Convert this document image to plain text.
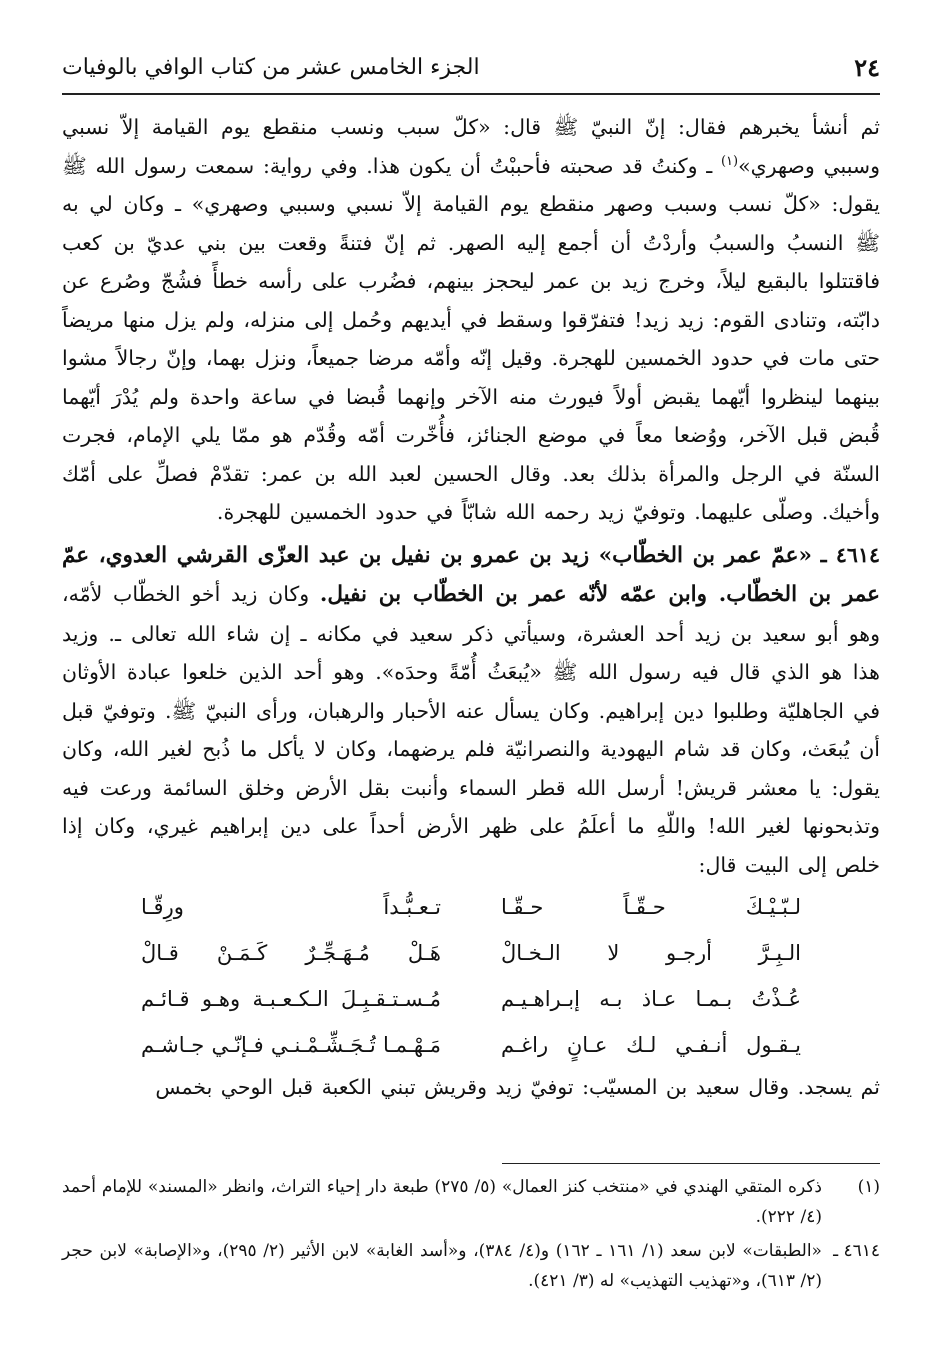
٢٤
الجزء الخامس عشر من كتاب الوافي بالوفيات

ثم أنشأ يخبرهم فقال: إنّ النبيّ ﷺ قال: «كلّ سبب ونسب منقطع يوم القيامة إلاّ نسبي وسببي وصهري»$^{(١)}$ ـ وكنتُ قد صحبته فأحببْتُ أن يكون هذا. وفي رواية: سمعت رسول الله ﷺ يقول: «كلّ نسب وسبب وصهر منقطع يوم القيامة إلاّ نسبي وسببي وصهري» ـ وكان لي به ﷺ النسبُ والسببُ وأردْتُ أن أجمع إليه الصهر. ثم إنّ فتنةً وقعت بين بني عديّ بن كعب فاقتتلوا بالبقيع ليلاً، وخرج زيد بن عمر ليحجز بينهم، فضُرب على رأسه خطأً فشُجّ وصُرع عن دابّته، وتنادى القوم: زيد زيد! فتفرّقوا وسقط في أيديهم وحُمل إلى منزله، ولم يزل منها مريضاً حتى مات في حدود الخمسين للهجرة. وقيل إنّه وأمّه مرضا جميعاً، ونزل بهما، وإنّ رجالاً مشوا بينهما لينظروا أيّهما يقبض أولاً فيورث منه الآخر وإنهما قُبضا في ساعة واحدة ولم يُدْرَ أيّهما قُبض قبل الآخر، ووُضعا معاً في موضع الجنائز، فأُخّرت أمّه وقُدّم هو ممّا يلي الإمام، فجرت السنّة في الرجل والمرأة بذلك بعد. وقال الحسين لعبد الله بن عمر: تقدّمْ فصلِّ على أمّك وأخيك. وصلّى عليهما. وتوفيّ زيد رحمه الله شابّاً في حدود الخمسين للهجرة.

٤٦١٤ ـ «عمّ عمر بن الخطّاب» زيد بن عمرو بن نفيل بن عبد العزّى القرشي العدوي، عمّ عمر بن الخطّاب. وابن عمّه لأنّه عمر بن الخطّاب بن نفيل. وكان زيد أخو الخطّاب لأمّه، وهو أبو سعيد بن زيد أحد العشرة، وسيأتي ذكر سعيد في مكانه ـ إن شاء الله تعالى ـ. وزيد هذا هو الذي قال فيه رسول الله ﷺ «يُبعَثُ أُمّةً وحدَه». وهو أحد الذين خلعوا عبادة الأوثان في الجاهليّة وطلبوا دين إبراهيم. وكان يسأل عنه الأحبار والرهبان، ورأى النبيّ ﷺ. وتوفيّ قبل أن يُبعَث، وكان قد شام اليهودية والنصرانيّة فلم يرضهما، وكان لا يأكل ما ذُبح لغير الله، وكان يقول: يا معشر قريش! أرسل الله قطر السماء وأنبت بقل الأرض وخلق السائمة ورعت فيه وتذبحونها لغير الله! واللّهِ ما أعلَمُ على ظهر الأرض أحداً على دين إبراهيم غيري، وكان إذا خلص إلى البيت قال:

لـبّـيْـكَ حـقّـاً حـقّـا
تـعـبُّـداً ورِقّـا
الـبِـرَّ أرجـو لا الـخـالْ
هَـلْ مُـهَـجِّـرٌ كَـمَـنْ قـالْ
عُـذْتُ بـمـا عـاذ بـه إبـراهـيـم
مُـسـتـقـبِـلَ الـكـعـبـة وهـو قـائـم
يـقـول أنـفـي لـك عـانٍ راغـم
مَـهْـمـا تُـجَـشِّـمْـنـي فـإنّـي جـاشـم

ثم يسجد. وقال سعيد بن المسيّب: توفيّ زيد وقريش تبني الكعبة قبل الوحي بخمس

(١)
ذكره المتقي الهندي في «منتخب كنز العمال» (٥/ ٢٧٥) طبعة دار إحياء التراث، وانظر «المسند» للإمام أحمد (٤/ ٢٢٢).
٤٦١٤ ـ
«الطبقات» لابن سعد (١/ ١٦١ ـ ١٦٢) و(٤/ ٣٨٤)، و«أسد الغابة» لابن الأثير (٢/ ٢٩٥)، و«الإصابة» لابن حجر (٢/ ٦١٣)، و«تهذيب التهذيب» له (٣/ ٤٢١).
